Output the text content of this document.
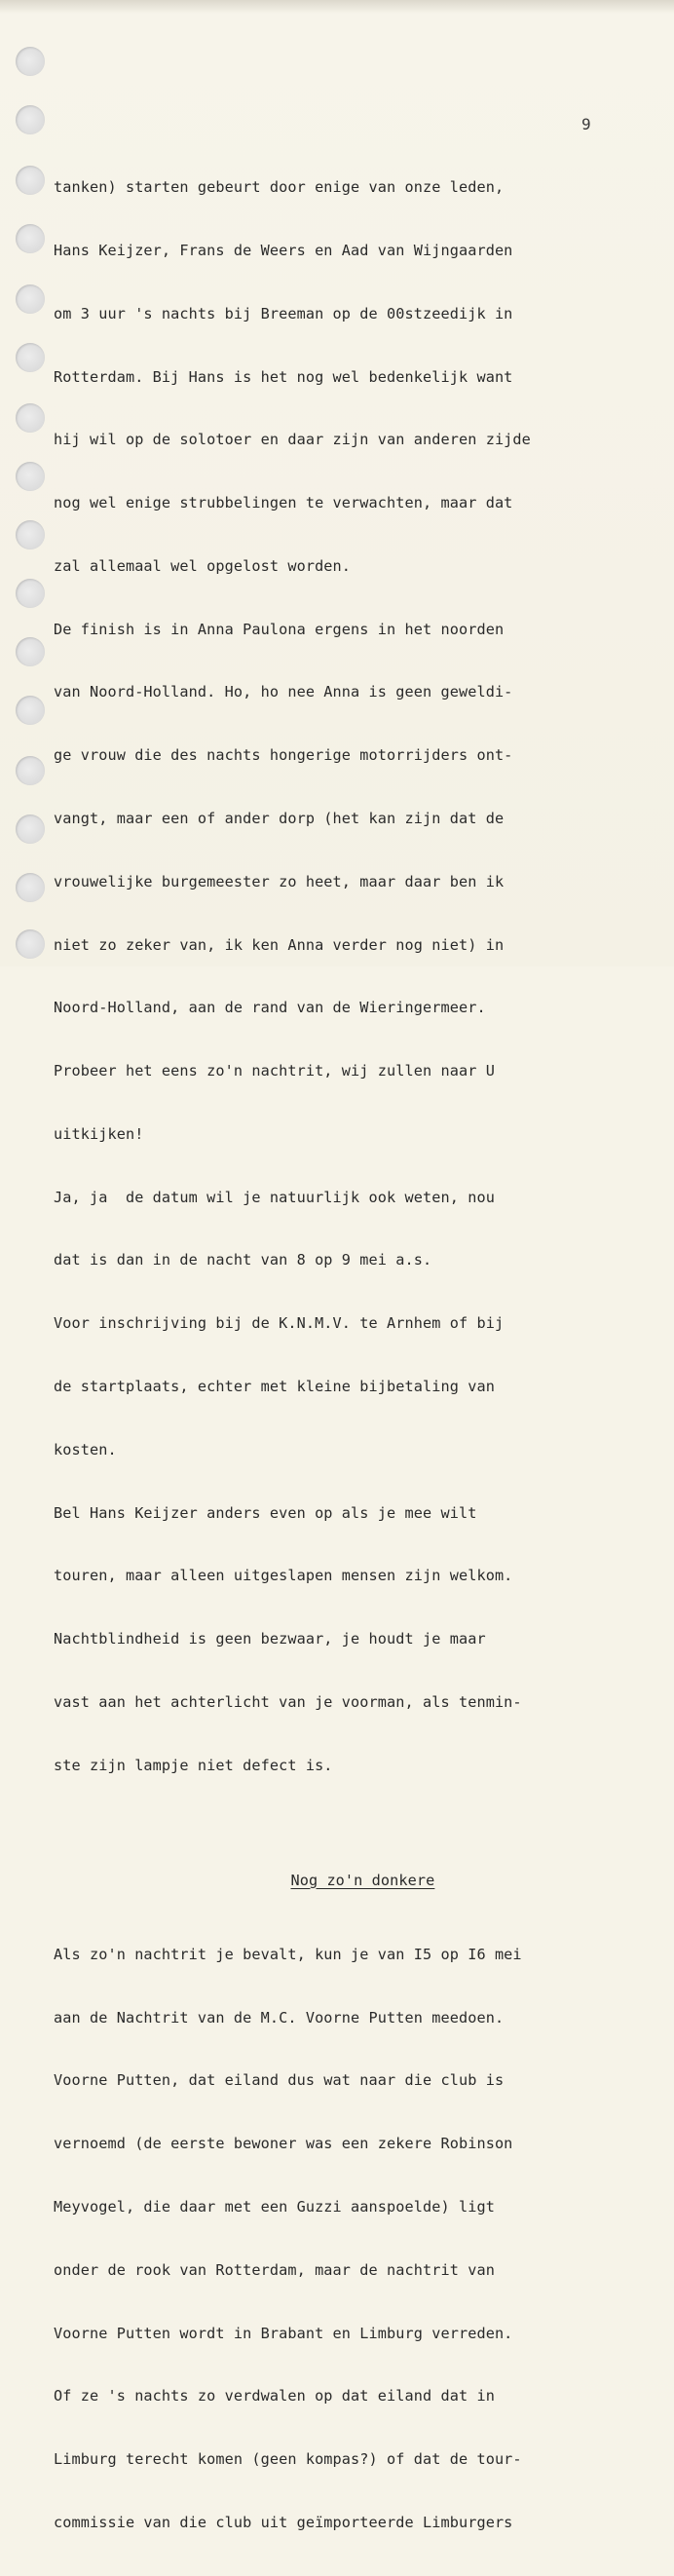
9

tanken) starten gebeurt door enige van onze leden,

Hans Keijzer, Frans de Weers en Aad van Wijngaarden

om 3 uur 's nachts bij Breeman op de 00stzeedijk in

Rotterdam. Bij Hans is het nog wel bedenkelijk want

hij wil op de solotoer en daar zijn van anderen zijde

nog wel enige strubbelingen te verwachten, maar dat

zal allemaal wel opgelost worden.

De finish is in Anna Paulona ergens in het noorden

van Noord-Holland. Ho, ho nee Anna is geen geweldi-

ge vrouw die des nachts hongerige motorrijders ont-

vangt, maar een of ander dorp (het kan zijn dat de

vrouwelijke burgemeester zo heet, maar daar ben ik

niet zo zeker van, ik ken Anna verder nog niet) in

Noord-Holland, aan de rand van de Wieringermeer.

Probeer het eens zo'n nachtrit, wij zullen naar U

uitkijken!

Ja, ja  de datum wil je natuurlijk ook weten, nou

dat is dan in de nacht van 8 op 9 mei a.s.

Voor inschrijving bij de K.N.M.V. te Arnhem of bij

de startplaats, echter met kleine bijbetaling van

kosten.

Bel Hans Keijzer anders even op als je mee wilt

touren, maar alleen uitgeslapen mensen zijn welkom.

Nachtblindheid is geen bezwaar, je houdt je maar

vast aan het achterlicht van je voorman, als tenmin-

ste zijn lampje niet defect is.

Nog zo'n donkere

Als zo'n nachtrit je bevalt, kun je van I5 op I6 mei

aan de Nachtrit van de M.C. Voorne Putten meedoen.

Voorne Putten, dat eiland dus wat naar die club is

vernoemd (de eerste bewoner was een zekere Robinson

Meyvogel, die daar met een Guzzi aanspoelde) ligt

onder de rook van Rotterdam, maar de nachtrit van

Voorne Putten wordt in Brabant en Limburg verreden.

Of ze 's nachts zo verdwalen op dat eiland dat in

Limburg terecht komen (geen kompas?) of dat de tour-

commissie van die club uit geïmporteerde Limburgers
